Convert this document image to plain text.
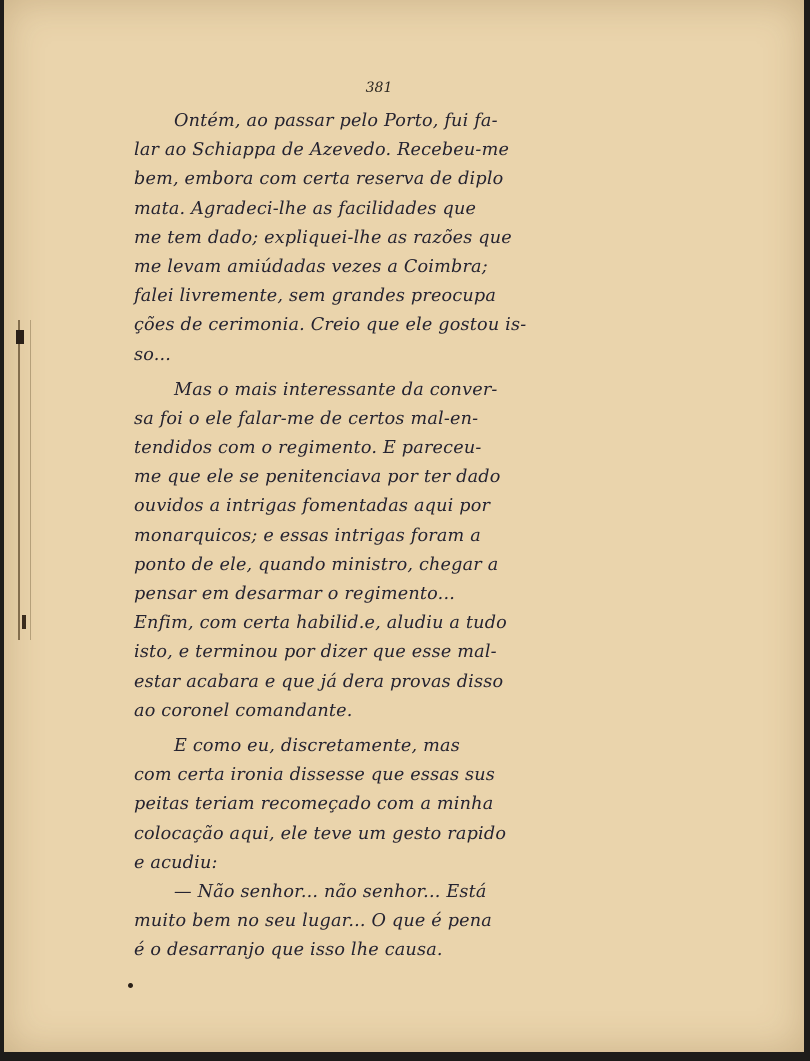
381
Ontém, ao passar pelo Porto, fui fa-
lar ao Schiappa de Azevedo. Recebeu-me
bem, embora com certa reserva de diplo
mata. Agradeci-lhe as facilidades que
me tem dado; expliquei-lhe as razões que
me levam amiúdadas vezes a Coimbra;
falei livremente, sem grandes preocupa
ções de cerimonia. Creio que ele gostou is-
so...
Mas o mais interessante da conver-
sa foi o ele falar-me de certos mal-en-
tendidos com o regimento. E pareceu-
me que ele se penitenciava por ter dado
ouvidos a intrigas fomentadas aqui por
monarquicos; e essas intrigas foram a
ponto de ele, quando ministro, chegar a
pensar em desarmar o regimento...
Enfim, com certa habilid.e, aludiu a tudo
isto, e terminou por dizer que esse mal-
estar acabara e que já dera provas disso
ao coronel comandante.
E como eu, discretamente, mas
com certa ironia dissesse que essas sus
peitas teriam recomeçado com a minha
colocação aqui, ele teve um gesto rapido
e acudiu:
— Não senhor... não senhor... Está
muito bem no seu lugar... O que é pena
é o desarranjo que isso lhe causa.
